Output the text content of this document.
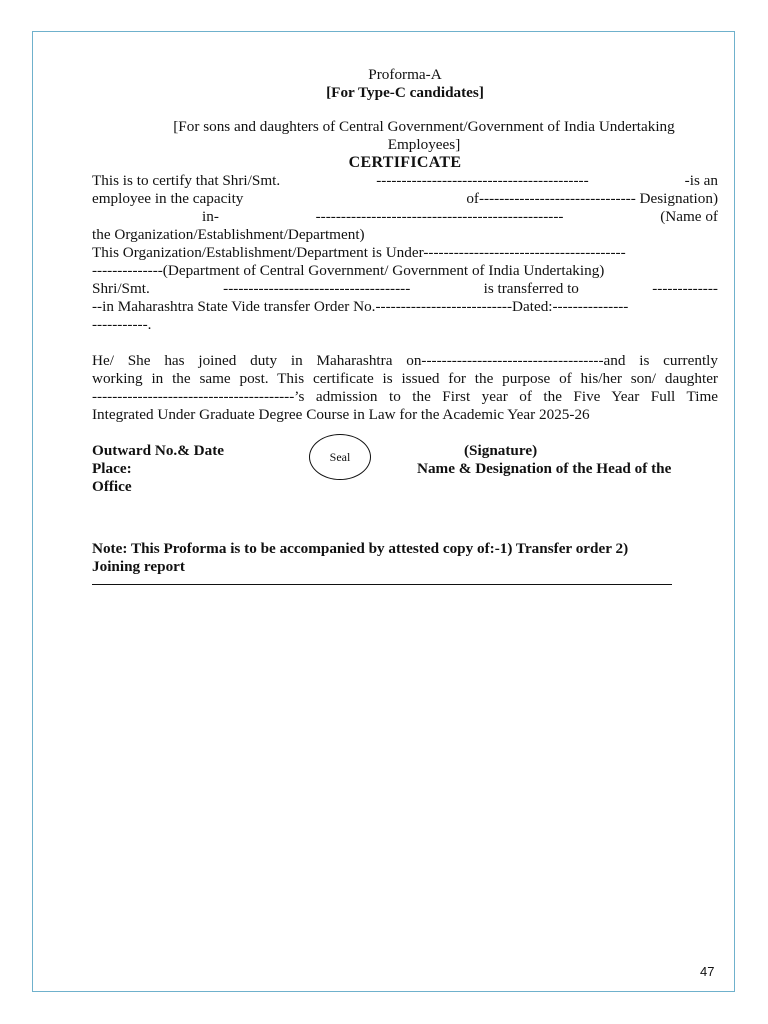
Proforma-A

[For Type-C candidates]

[For sons and daughters of Central Government/Government of India Undertaking
Employees]

CERTIFICATE

This is to certify that Shri/Smt.	------------------------------------------	-is an
employee in the capacity	of------------------------------- Designation)
in-	-------------------------------------------------	(Name of
the Organization/Establishment/Department)
This Organization/Establishment/Department is Under----------------------------------------
--------------(Department of Central Government/ Government of India Undertaking)
Shri/Smt.	-------------------------------------	is transferred to	-------------
--in Maharashtra State Vide transfer Order No.---------------------------Dated:---------------
-----------.
He/ She has joined duty in Maharashtra on------------------------------------and is currently
working in the same post. This certificate is issued for the purpose of his/her son/ daughter
----------------------------------------’s admission to the First year of the Five Year Full Time
Integrated Under Graduate Degree Course in Law for the Academic Year 2025-26
Outward No.& Date
Place:
Office
Seal	(Signature)
Name & Designation of the Head of the
Note: This Proforma is to be accompanied by attested copy of:-1) Transfer order 2)
Joining report
47
